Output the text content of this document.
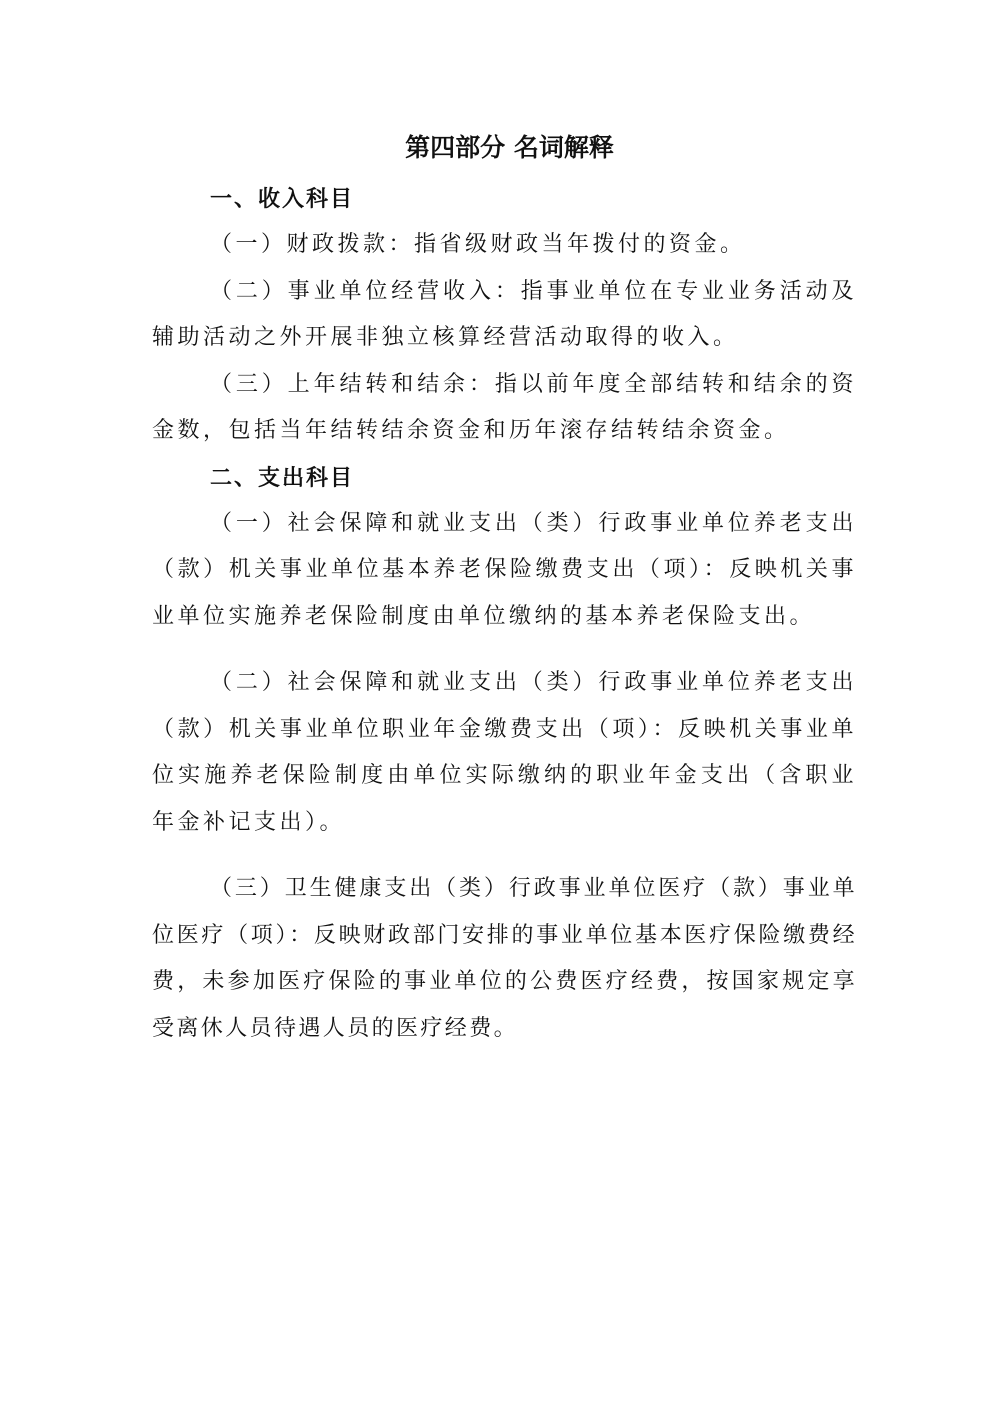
第四部分 名词解释
一、收入科目

（一）财政拨款：指省级财政当年拨付的资金。

（二）事业单位经营收入：指事业单位在专业业务活动及辅助活动之外开展非独立核算经营活动取得的收入。

（三）上年结转和结余：指以前年度全部结转和结余的资金数，包括当年结转结余资金和历年滚存结转结余资金。

二、支出科目

（一）社会保障和就业支出（类）行政事业单位养老支出（款）机关事业单位基本养老保险缴费支出（项）：反映机关事业单位实施养老保险制度由单位缴纳的基本养老保险支出。

（二）社会保障和就业支出（类）行政事业单位养老支出（款）机关事业单位职业年金缴费支出（项）：反映机关事业单位实施养老保险制度由单位实际缴纳的职业年金支出（含职业年金补记支出）。

（三）卫生健康支出（类）行政事业单位医疗（款）事业单位医疗（项）：反映财政部门安排的事业单位基本医疗保险缴费经费，未参加医疗保险的事业单位的公费医疗经费，按国家规定享受离休人员待遇人员的医疗经费。
